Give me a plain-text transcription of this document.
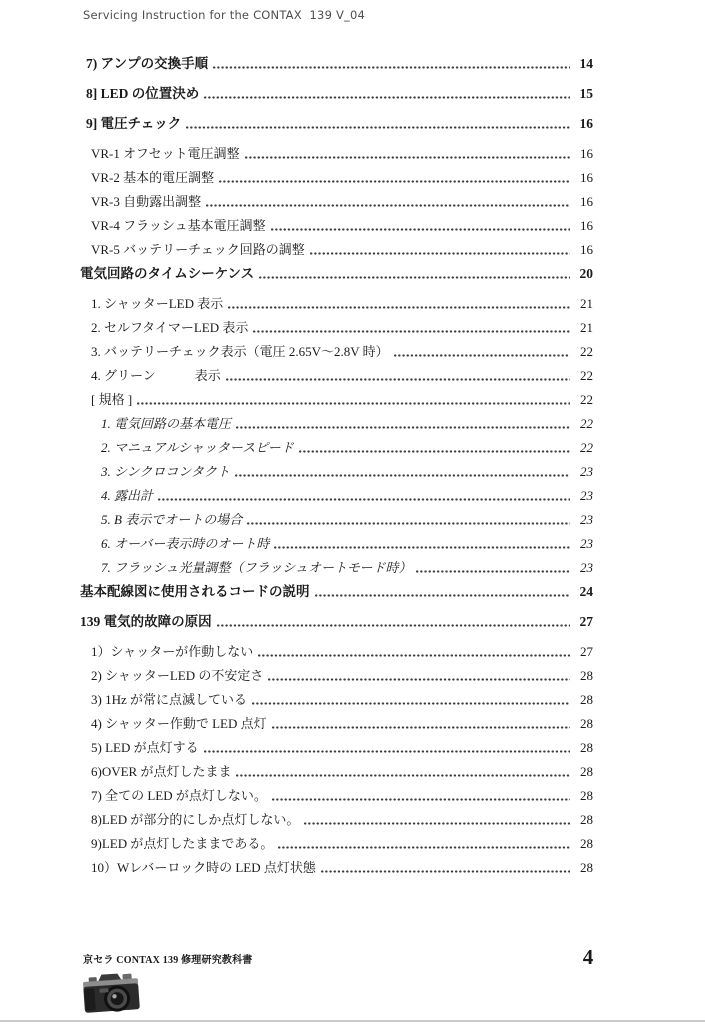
Servicing Instruction for the CONTAX  139 V_04
7) アンプの交換手順	14
8] LED の位置決め	15
9] 電圧チェック	16
VR-1 オフセット電圧調整	16
VR-2 基本的電圧調整	16
VR-3 自動露出調整	16
VR-4 フラッシュ基本電圧調整	16
VR-5 バッテリーチェック回路の調整	16
電気回路のタイムシーケンス	20
1. シャッターLED 表示	21
2. セルフタイマーLED 表示	21
3. バッテリーチェック表示（電圧 2.65V～2.8V 時）	22
4. グリーン　　　表示	22
[ 規格 ]	22
1. 電気回路の基本電圧	22
2. マニュアルシャッタースピード	22
3. シンクロコンタクト	23
4. 露出計	23
5. B 表示でオートの場合	23
6. オーバー表示時のオート時	23
7. フラッシュ光量調整（フラッシュオートモード時）	23
基本配線図に使用されるコードの説明	24
139 電気的故障の原因	27
1）シャッターが作動しない	27
2) シャッターLED の不安定さ	28
3) 1Hz が常に点滅している	28
4) シャッター作動で LED 点灯	28
5) LED が点灯する	28
6)OVER が点灯したまま	28
7) 全ての LED が点灯しない。	28
8)LED が部分的にしか点灯しない。	28
9)LED が点灯したままである。	28
10）Wレバーロック時の LED 点灯状態	28
京セラ CONTAX 139 修理研究教科書	4
